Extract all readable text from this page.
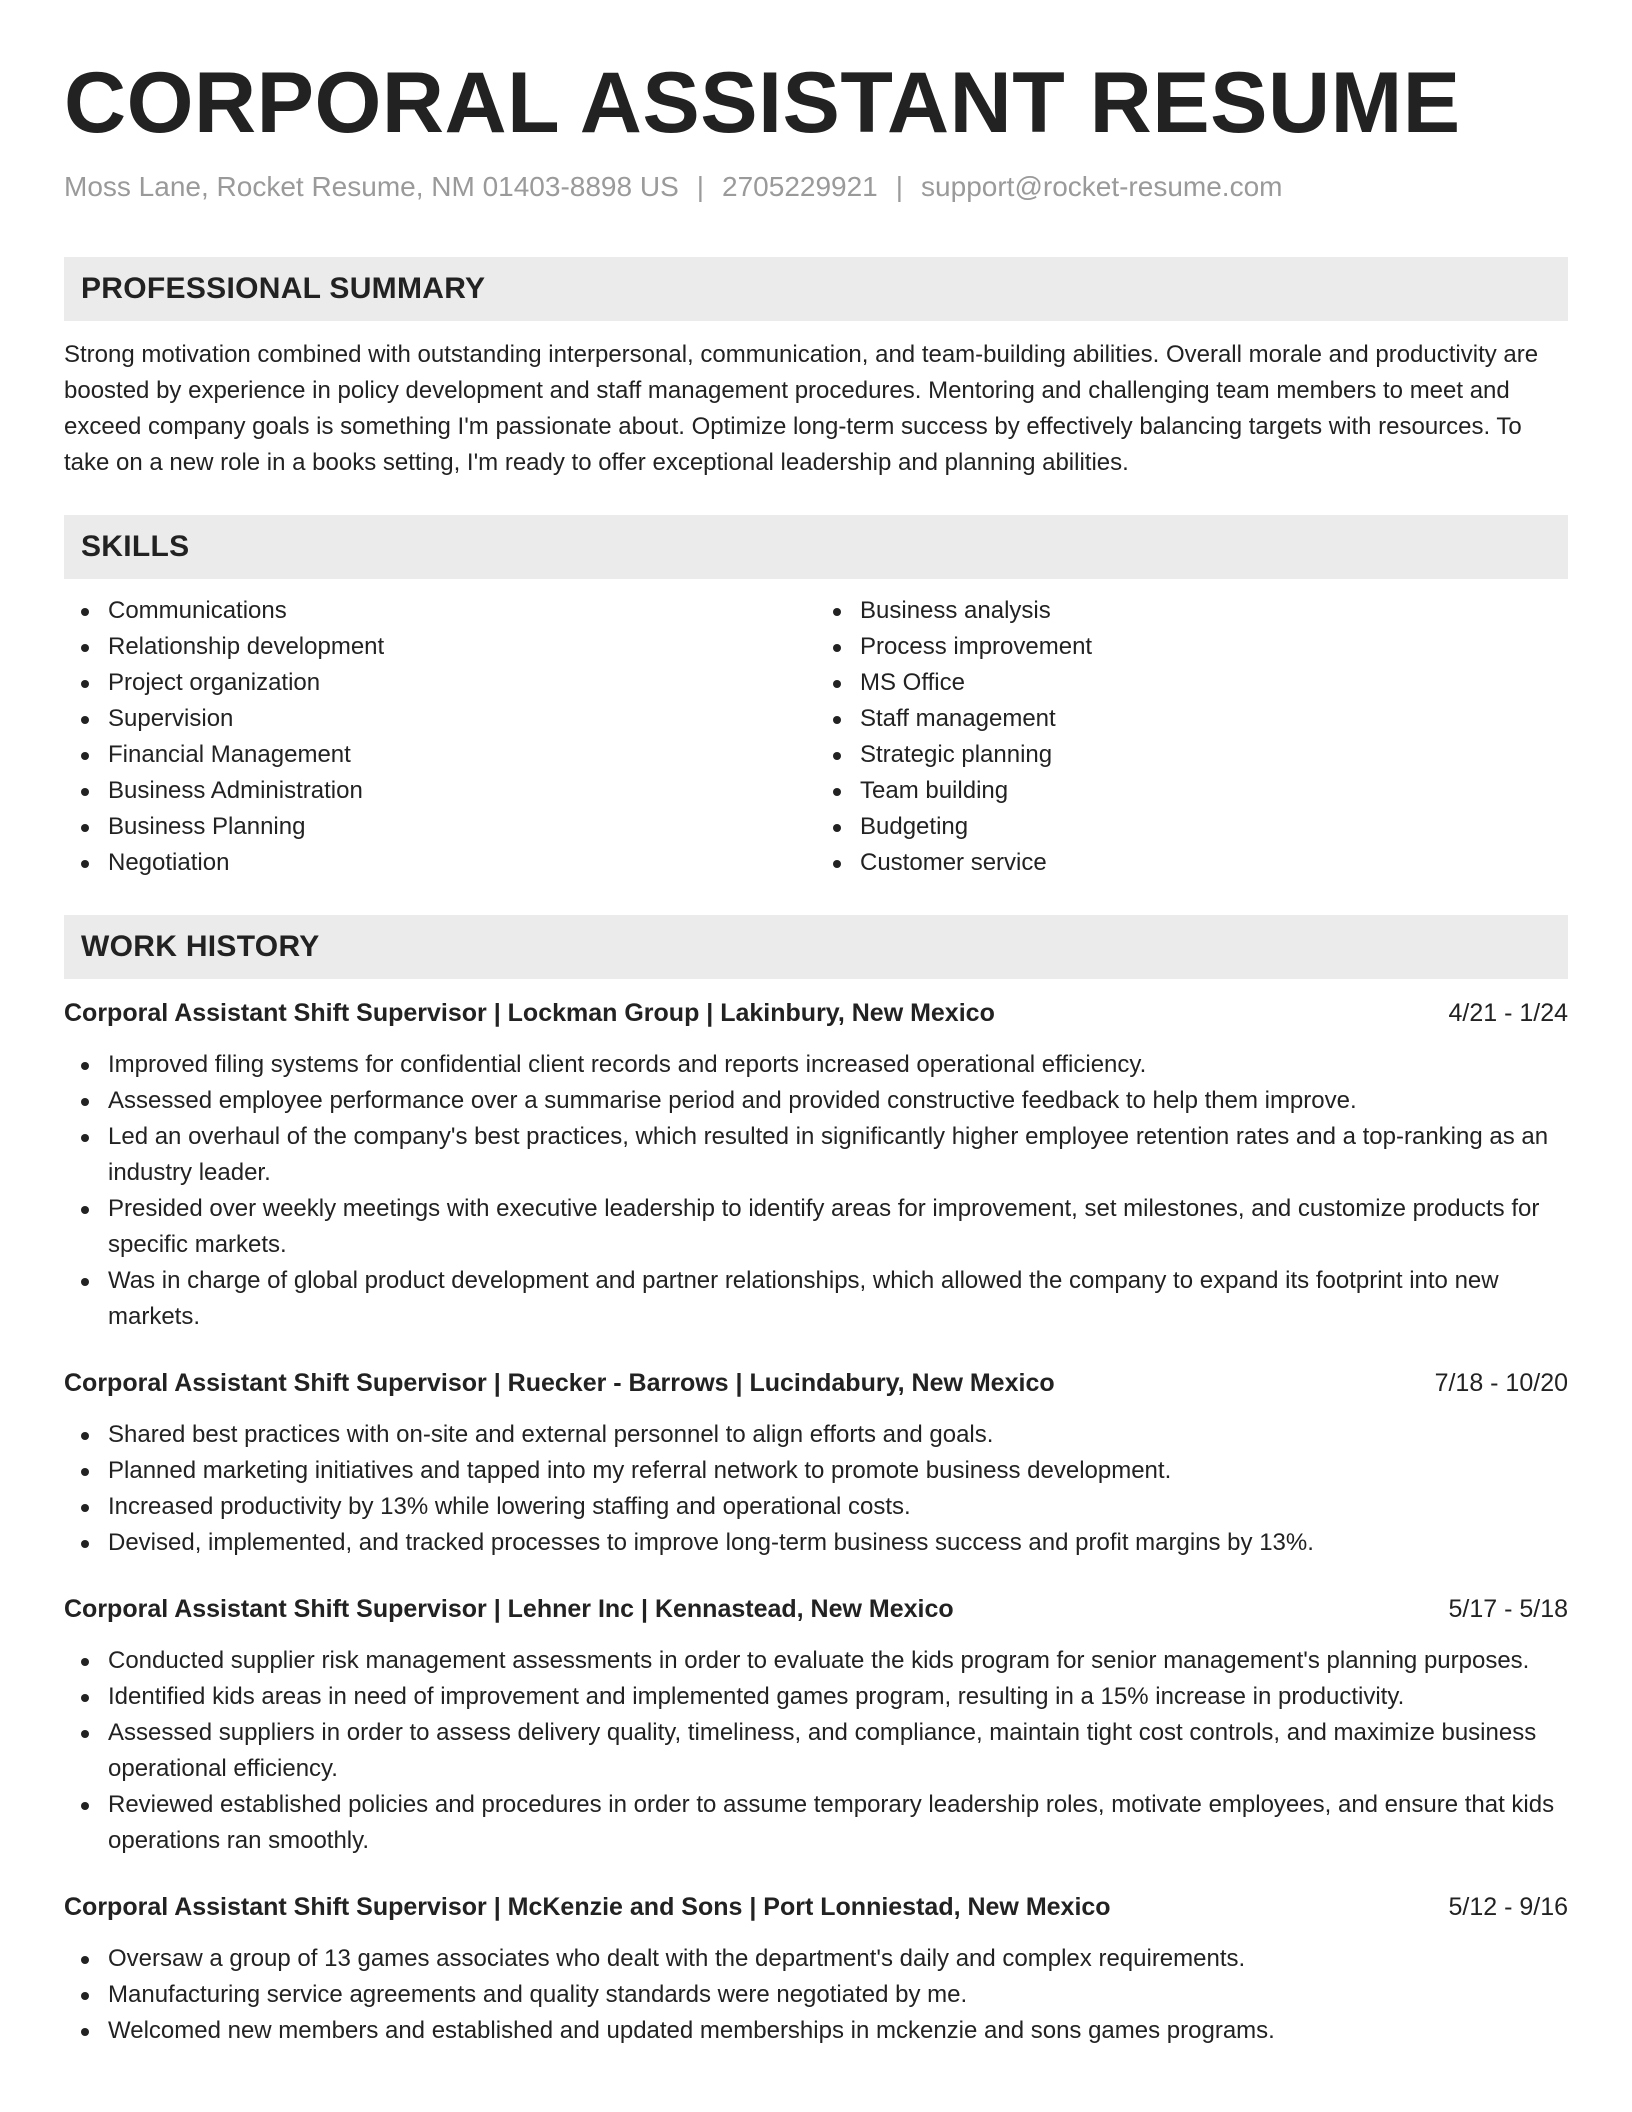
CORPORAL ASSISTANT RESUME
Moss Lane, Rocket Resume, NM 01403-8898 US | 2705229921 | support@rocket-resume.com
PROFESSIONAL SUMMARY
Strong motivation combined with outstanding interpersonal, communication, and team-building abilities. Overall morale and productivity are boosted by experience in policy development and staff management procedures. Mentoring and challenging team members to meet and exceed company goals is something I'm passionate about. Optimize long-term success by effectively balancing targets with resources. To take on a new role in a books setting, I'm ready to offer exceptional leadership and planning abilities.
SKILLS
Communications
Relationship development
Project organization
Supervision
Financial Management
Business Administration
Business Planning
Negotiation
Business analysis
Process improvement
MS Office
Staff management
Strategic planning
Team building
Budgeting
Customer service
WORK HISTORY
Corporal Assistant Shift Supervisor | Lockman Group | Lakinbury, New Mexico	4/21 - 1/24
Improved filing systems for confidential client records and reports increased operational efficiency.
Assessed employee performance over a summarise period and provided constructive feedback to help them improve.
Led an overhaul of the company's best practices, which resulted in significantly higher employee retention rates and a top-ranking as an industry leader.
Presided over weekly meetings with executive leadership to identify areas for improvement, set milestones, and customize products for specific markets.
Was in charge of global product development and partner relationships, which allowed the company to expand its footprint into new markets.
Corporal Assistant Shift Supervisor | Ruecker - Barrows | Lucindabury, New Mexico	7/18 - 10/20
Shared best practices with on-site and external personnel to align efforts and goals.
Planned marketing initiatives and tapped into my referral network to promote business development.
Increased productivity by 13% while lowering staffing and operational costs.
Devised, implemented, and tracked processes to improve long-term business success and profit margins by 13%.
Corporal Assistant Shift Supervisor | Lehner Inc | Kennastead, New Mexico	5/17 - 5/18
Conducted supplier risk management assessments in order to evaluate the kids program for senior management's planning purposes.
Identified kids areas in need of improvement and implemented games program, resulting in a 15% increase in productivity.
Assessed suppliers in order to assess delivery quality, timeliness, and compliance, maintain tight cost controls, and maximize business operational efficiency.
Reviewed established policies and procedures in order to assume temporary leadership roles, motivate employees, and ensure that kids operations ran smoothly.
Corporal Assistant Shift Supervisor | McKenzie and Sons | Port Lonniestad, New Mexico	5/12 - 9/16
Oversaw a group of 13 games associates who dealt with the department's daily and complex requirements.
Manufacturing service agreements and quality standards were negotiated by me.
Welcomed new members and established and updated memberships in mckenzie and sons games programs.
